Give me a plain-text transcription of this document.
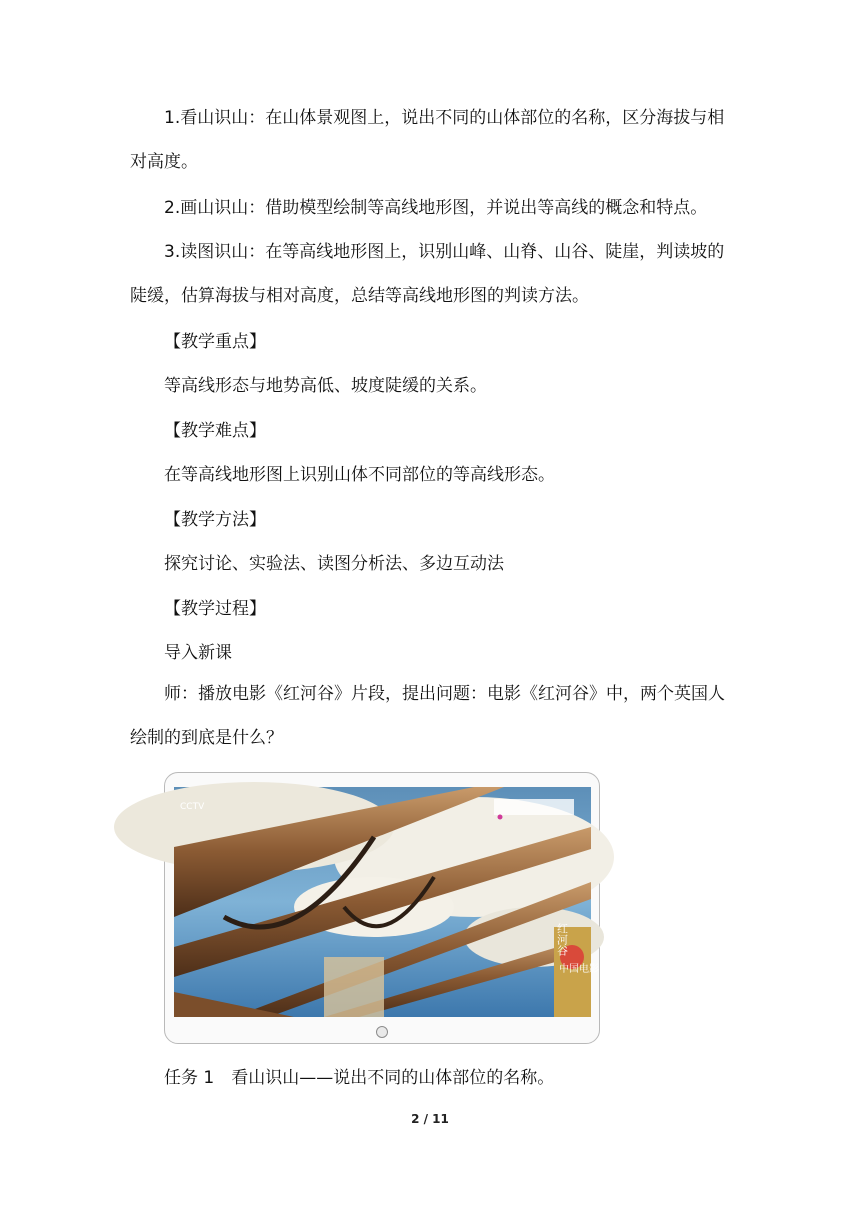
1.看山识山：在山体景观图上，说出不同的山体部位的名称，区分海拔与相对高度。

2.画山识山：借助模型绘制等高线地形图，并说出等高线的概念和特点。

3.读图识山：在等高线地形图上，识别山峰、山脊、山谷、陡崖，判读坡的陡缓，估算海拔与相对高度，总结等高线地形图的判读方法。

【教学重点】

等高线形态与地势高低、坡度陡缓的关系。

【教学难点】

在等高线地形图上识别山体不同部位的等高线形态。

【教学方法】

探究讨论、实验法、读图分析法、多边互动法

【教学过程】

导入新课

师：播放电影《红河谷》片段，提出问题：电影《红河谷》中，两个英国人绘制的到底是什么？

CCTV
中国电影
红河谷

任务 1　看山识山——说出不同的山体部位的名称。

2 / 11
